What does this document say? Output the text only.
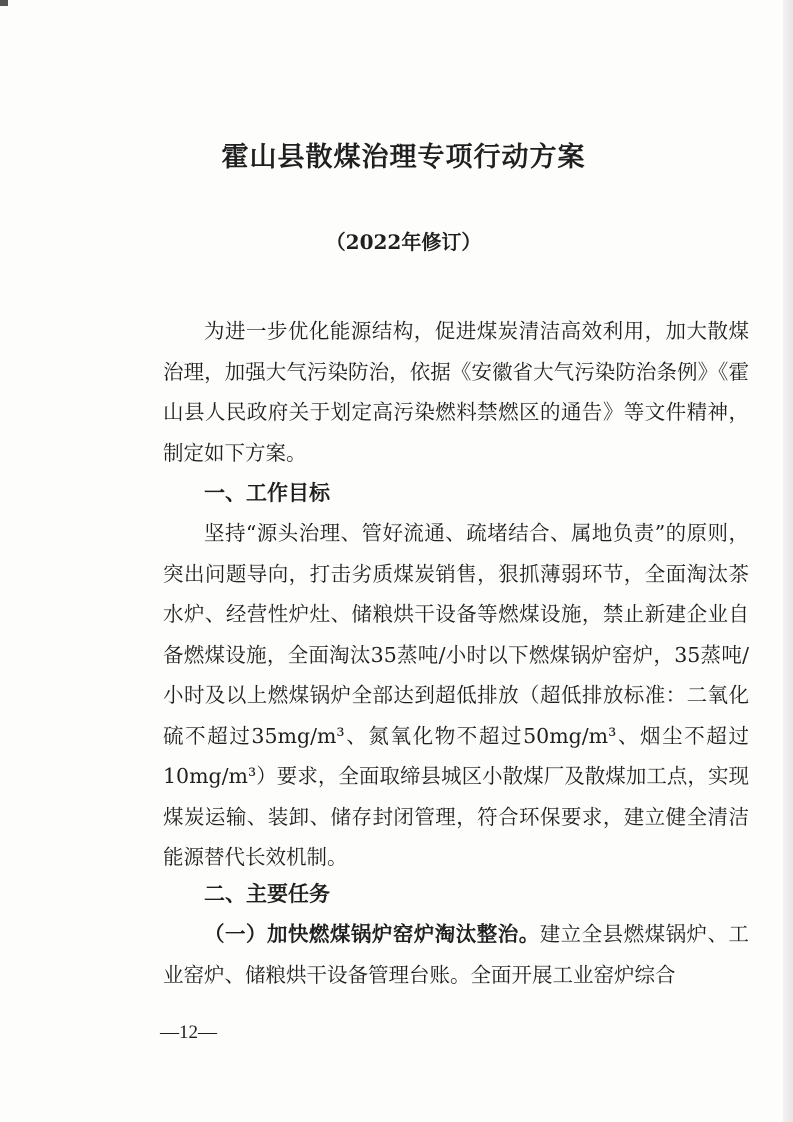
霍山县散煤治理专项行动方案
（2022年修订）
为进一步优化能源结构，促进煤炭清洁高效利用，加大散煤治理，加强大气污染防治，依据《安徽省大气污染防治条例》《霍山县人民政府关于划定高污染燃料禁燃区的通告》等文件精神，制定如下方案。
一、工作目标
坚持“源头治理、管好流通、疏堵结合、属地负责”的原则，突出问题导向，打击劣质煤炭销售，狠抓薄弱环节，全面淘汰茶水炉、经营性炉灶、储粮烘干设备等燃煤设施，禁止新建企业自备燃煤设施，全面淘汰35蒸吨/小时以下燃煤锅炉窑炉，35蒸吨/小时及以上燃煤锅炉全部达到超低排放（超低排放标准：二氧化硫不超过35mg/m³、氮氧化物不超过50mg/m³、烟尘不超过10mg/m³）要求，全面取缔县城区小散煤厂及散煤加工点，实现煤炭运输、装卸、储存封闭管理，符合环保要求，建立健全清洁能源替代长效机制。
二、主要任务
（一）加快燃煤锅炉窑炉淘汰整治。建立全县燃煤锅炉、工业窑炉、储粮烘干设备管理台账。全面开展工业窑炉综合
—12—
